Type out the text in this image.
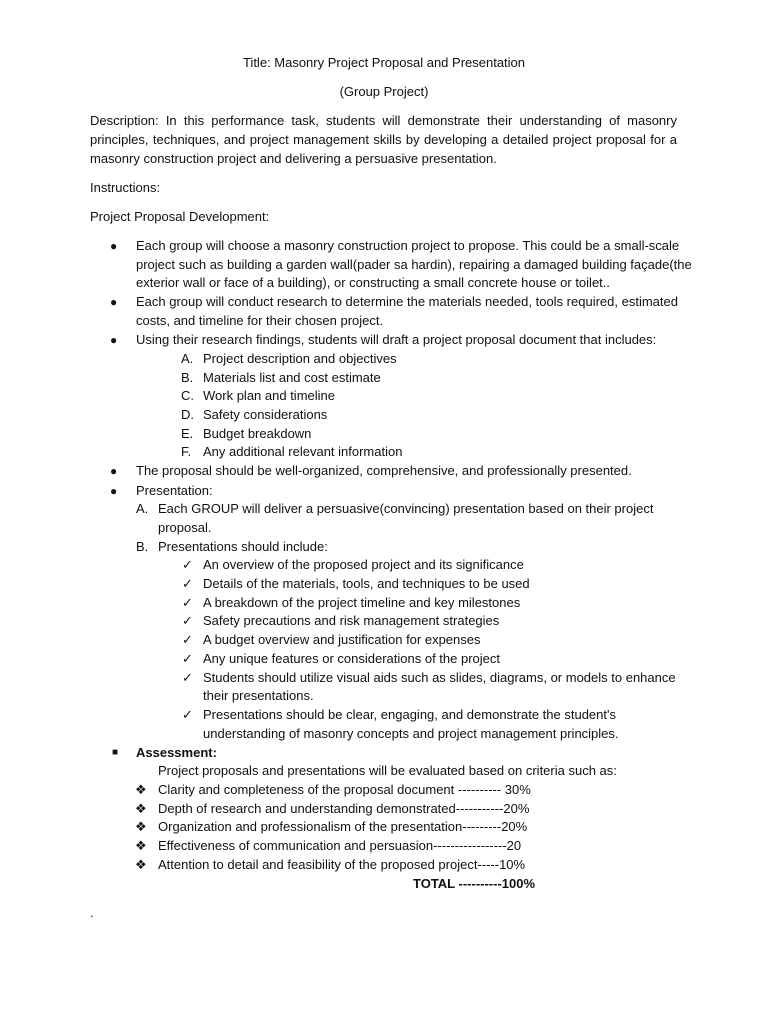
Title: Masonry Project Proposal and Presentation
(Group Project)
Description: In this performance task, students will demonstrate their understanding of masonry principles, techniques, and project management skills by developing a detailed project proposal for a masonry construction project and delivering a persuasive presentation.
Instructions:
Project Proposal Development:
● Each group will choose a masonry construction project to propose. This could be a small-scale
project such as building a garden wall(pader sa hardin), repairing a damaged building façade(the
exterior wall or face of a building), or constructing a small concrete house or toilet..
● Each group will conduct research to determine the materials needed, tools required, estimated
costs, and timeline for their chosen project.
● Using their research findings, students will draft a project proposal document that includes:
A. Project description and objectives
B. Materials list and cost estimate
C. Work plan and timeline
D. Safety considerations
E. Budget breakdown
F. Any additional relevant information
● The proposal should be well-organized, comprehensive, and professionally presented.
● Presentation:
A. Each GROUP will deliver a persuasive(convincing) presentation based on their project
proposal.
B. Presentations should include:
✓ An overview of the proposed project and its significance
✓ Details of the materials, tools, and techniques to be used
✓ A breakdown of the project timeline and key milestones
✓ Safety precautions and risk management strategies
✓ A budget overview and justification for expenses
✓ Any unique features or considerations of the project
✓ Students should utilize visual aids such as slides, diagrams, or models to enhance
their presentations.
✓ Presentations should be clear, engaging, and demonstrate the student's
understanding of masonry concepts and project management principles.
■ Assessment:
Project proposals and presentations will be evaluated based on criteria such as:
❖ Clarity and completeness of the proposal document ---------- 30%
❖ Depth of research and understanding demonstrated-----------20%
❖ Organization and professionalism of the presentation---------20%
❖ Effectiveness of communication and persuasion-----------------20
❖ Attention to detail and feasibility of the proposed project-----10%
TOTAL ----------100%
.
